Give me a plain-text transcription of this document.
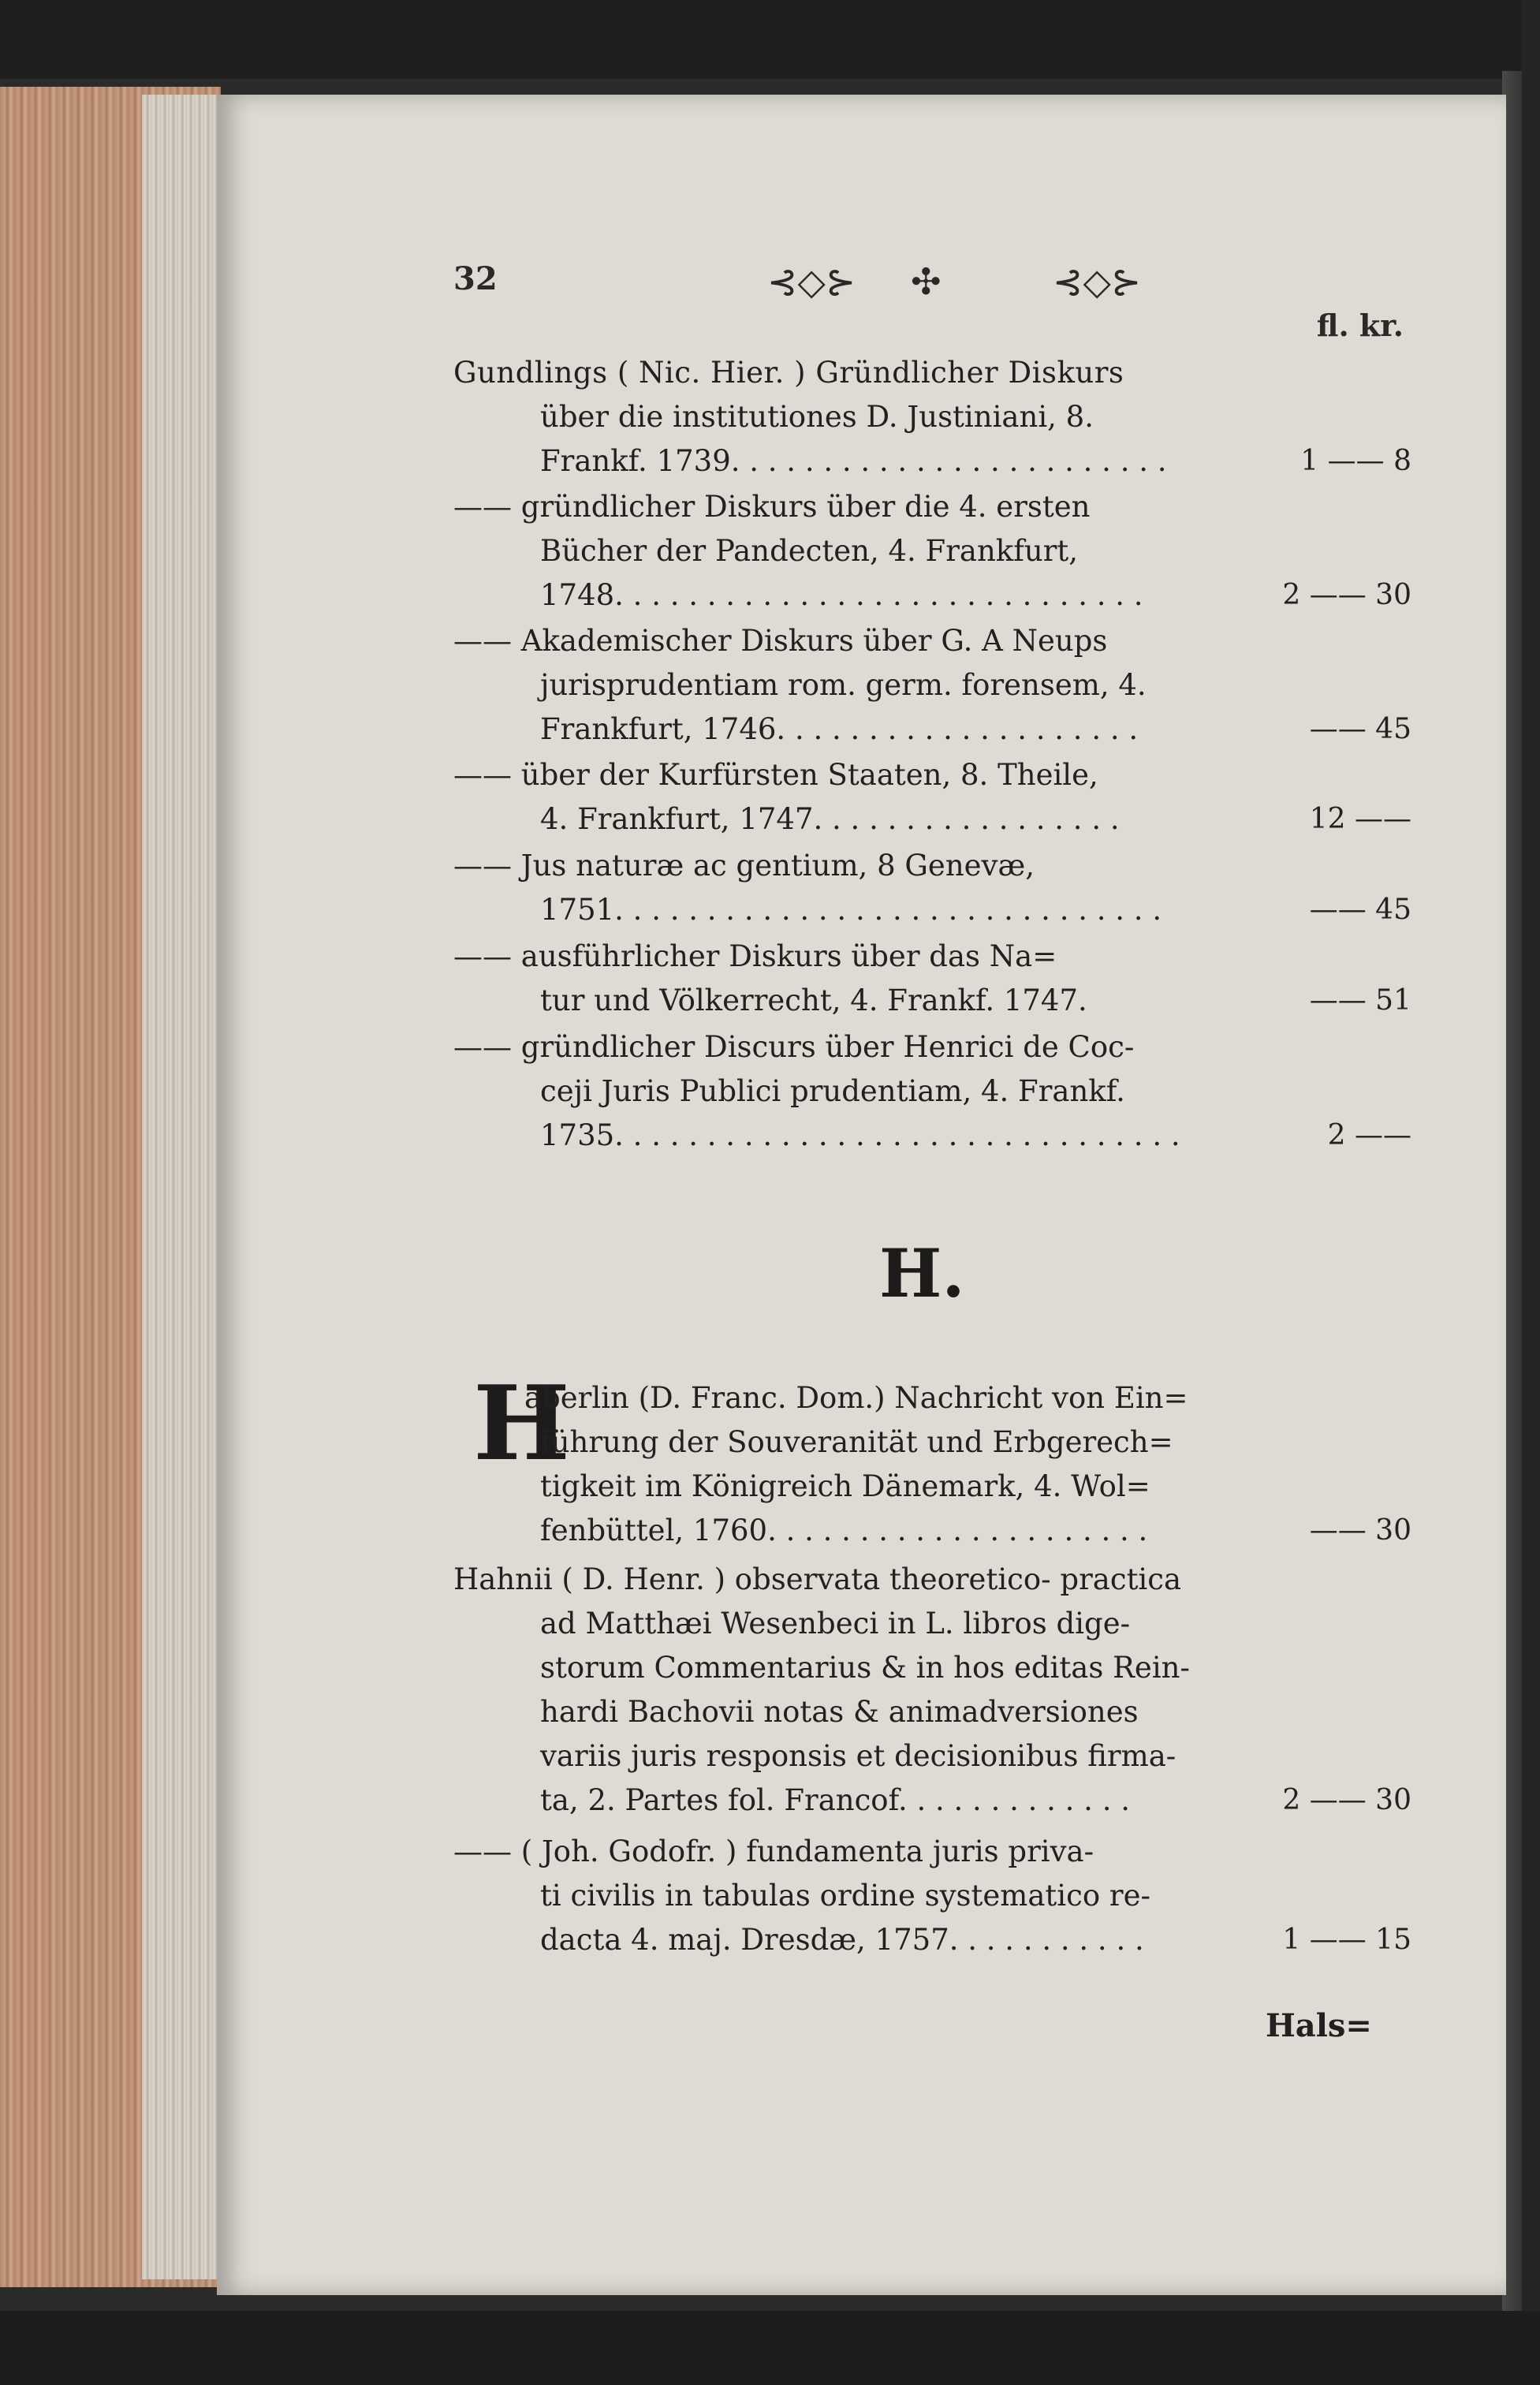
32	⊰◇⊱ ✣	⊰◇⊱
fl. kr.
Gundlings ( Nic. Hier. ) Gründlicher Diskurs
über die institutiones D. Justiniani, 8.
Frankf. 1739. . . . . . . . . . . . . . . . . . . . . . . .	1 —— 8
—— gründlicher Diskurs über die 4. ersten
Bücher der Pandecten, 4. Frankfurt,
1748. . . . . . . . . . . . . . . . . . . . . . . . . . . . .	2 —— 30
—— Akademischer Diskurs über G. A Neups
jurisprudentiam rom. germ. forensem, 4.
Frankfurt, 1746. . . . . . . . . . . . . . . . . . . .	—— 45
—— über der Kurfürsten Staaten, 8. Theile,
4. Frankfurt, 1747. . . . . . . . . . . . . . . . .	12 ——
—— Jus naturæ ac gentium, 8 Genevæ,
1751. . . . . . . . . . . . . . . . . . . . . . . . . . . . . .	—— 45
—— ausführlicher Diskurs über das Na=
tur und Völkerrecht, 4. Frankf. 1747.	—— 51
—— gründlicher Discurs über Henrici de Coc-
ceji Juris Publici prudentiam, 4. Frankf.
1735. . . . . . . . . . . . . . . . . . . . . . . . . . . . . . .	2 ——
H.
H
aberlin (D. Franc. Dom.) Nachricht von Ein=
führung der Souveranität und Erbgerech=
tigkeit im Königreich Dänemark, 4. Wol=
fenbüttel, 1760. . . . . . . . . . . . . . . . . . . . .	—— 30
Hahnii ( D. Henr. ) observata theoretico- practica
ad Matthæi Wesenbeci in L. libros dige-
storum Commentarius & in hos editas Rein-
hardi Bachovii notas & animadversiones
variis juris responsis et decisionibus firma-
ta, 2. Partes fol. Francof. . . . . . . . . . . . .	2 —— 30
—— ( Joh. Godofr. ) fundamenta juris priva-
ti civilis in tabulas ordine systematico re-
dacta 4. maj. Dresdæ, 1757. . . . . . . . . . .	1 —— 15
Hals=
